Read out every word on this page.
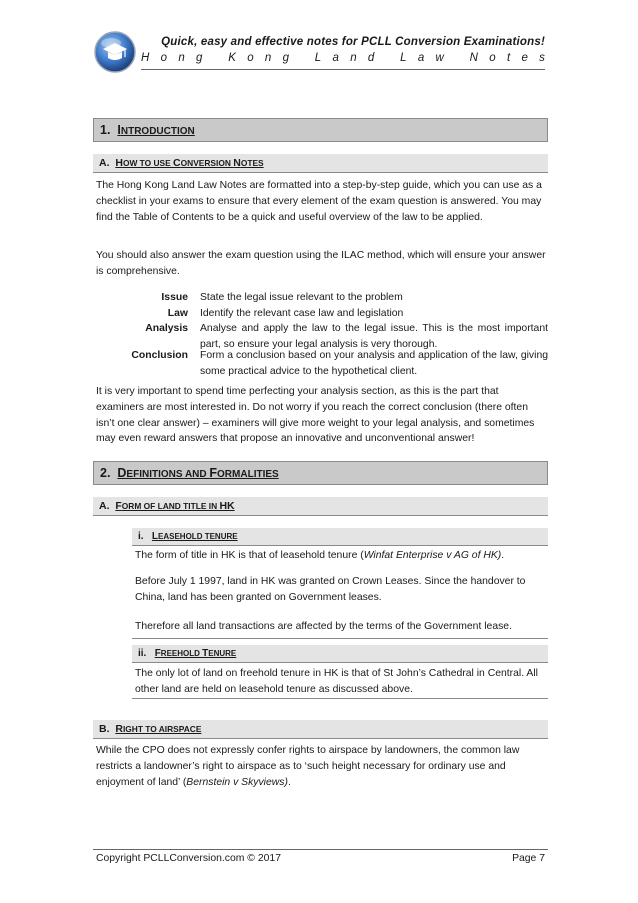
Quick, easy and effective notes for PCLL Conversion Examinations!
H o n g
K o n g
L a n d
L a w
N o t e s
1. INTRODUCTION
A. HOW TO USE CONVERSION NOTES

The Hong Kong Land Law Notes are formatted into a step-by-step guide, which you can use as a checklist in your exams to ensure that every element of the exam question is answered. You may find the Table of Contents to be a quick and useful overview of the law to be applied.

You should also answer the exam question using the ILAC method, which will ensure your answer is comprehensive.

Issue State the legal issue relevant to the problem
Law Identify the relevant case law and legislation
Analysis Analyse and apply the law to the legal issue. This is the most important part, so ensure your legal analysis is very thorough.
Conclusion Form a conclusion based on your analysis and application of the law, giving some practical advice to the hypothetical client.

It is very important to spend time perfecting your analysis section, as this is the part that examiners are most interested in. Do not worry if you reach the correct conclusion (there often isn’t one clear answer) – examiners will give more weight to your legal analysis, and sometimes may even reward answers that propose an innovative and unconventional answer!

2. DEFINITIONS AND FORMALITIES
A. FORM OF LAND TITLE IN HK
i. LEASEHOLD TENURE

The form of title in HK is that of leasehold tenure (Winfat Enterprise v AG of HK).

Before July 1 1997, land in HK was granted on Crown Leases. Since the handover to China, land has been granted on Government leases.

Therefore all land transactions are affected by the terms of the Government lease.

ii. FREEHOLD TENURE

The only lot of land on freehold tenure in HK is that of St John’s Cathedral in Central. All other land are held on leasehold tenure as discussed above.

B. RIGHT TO AIRSPACE

While the CPO does not expressly confer rights to airspace by landowners, the common law restricts a landowner’s right to airspace as to ‘such height necessary for ordinary use and enjoyment of land’ (Bernstein v Skyviews).

Copyright PCLLConversion.com © 2017	Page 7
